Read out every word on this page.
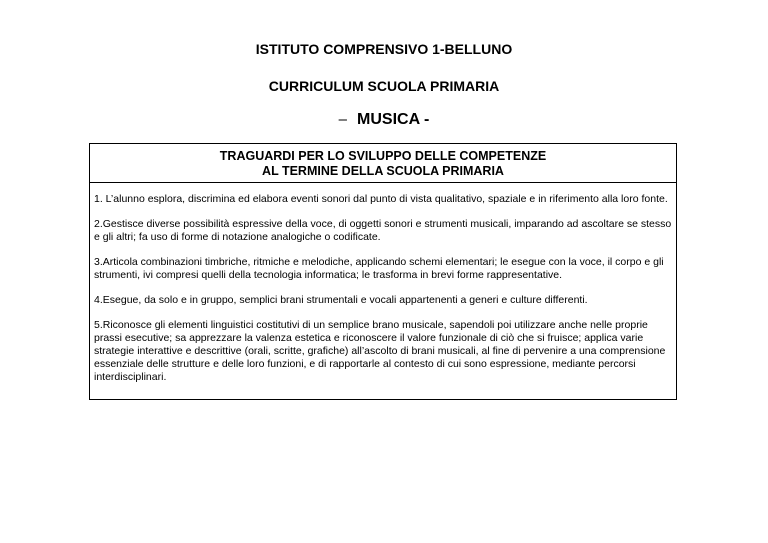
ISTITUTO COMPRENSIVO 1-BELLUNO
CURRICULUM SCUOLA PRIMARIA
– MUSICA -
TRAGUARDI PER LO SVILUPPO DELLE COMPETENZE
AL TERMINE DELLA SCUOLA PRIMARIA

1. L’alunno esplora, discrimina ed elabora eventi sonori dal punto di vista qualitativo, spaziale e in riferimento alla loro fonte.

2.Gestisce diverse possibilità espressive della voce, di oggetti sonori e strumenti musicali, imparando ad ascoltare se stesso e gli altri; fa uso di forme di notazione analogiche o codificate.

3.Articola combinazioni timbriche, ritmiche e melodiche, applicando schemi elementari; le esegue con la voce, il corpo e gli strumenti, ivi compresi quelli della tecnologia informatica; le trasforma in brevi forme rappresentative.

4.Esegue, da solo e in gruppo, semplici brani strumentali e vocali appartenenti a generi e culture differenti.

5.Riconosce gli elementi linguistici costitutivi di un semplice brano musicale, sapendoli poi utilizzare anche nelle proprie prassi esecutive; sa apprezzare la valenza estetica e riconoscere il valore funzionale di ciò che si fruisce; applica varie strategie interattive e descrittive (orali, scritte, grafiche) all’ascolto di brani musicali, al fine di pervenire a una comprensione essenziale delle strutture e delle loro funzioni, e di rapportarle al contesto di cui sono espressione, mediante percorsi interdisciplinari.
